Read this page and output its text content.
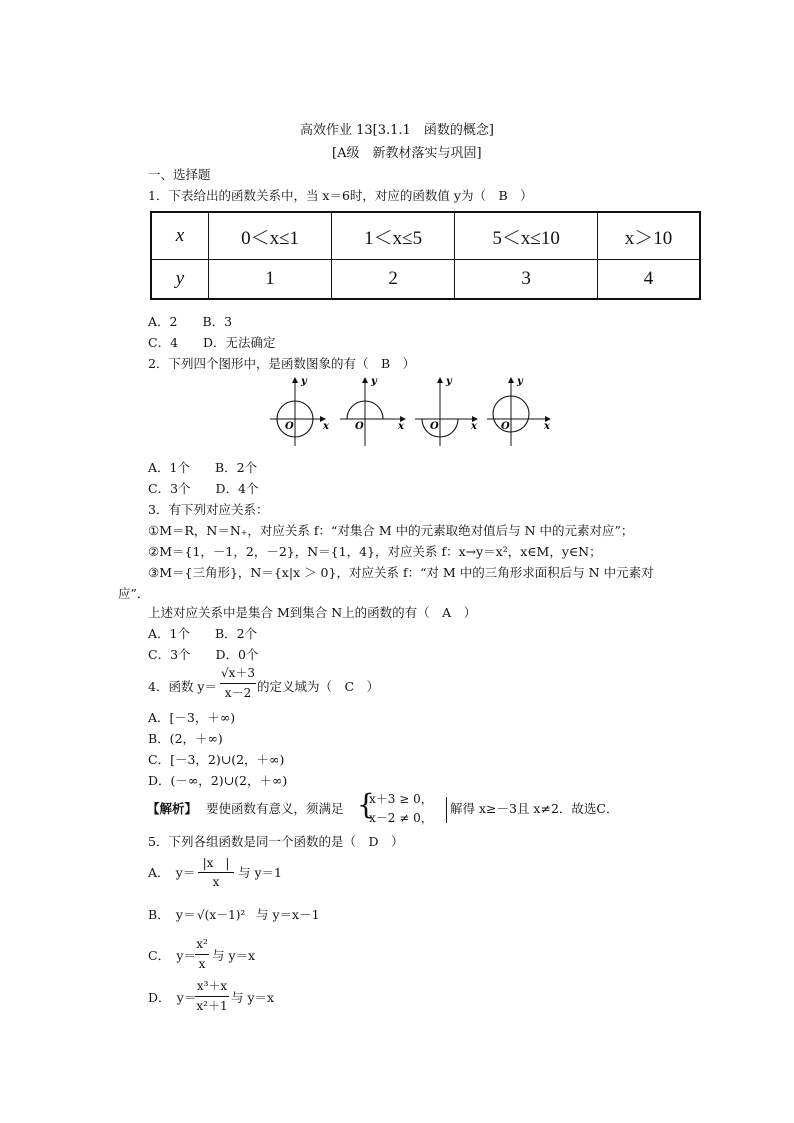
高效作业 13[3.1.1　函数的概念]
[A级　新教材落实与巩固]
一、选择题
1．下表给出的函数关系中，当 x＝6时，对应的函数值 y为（　B　）
x	0＜x≤1	1＜x≤5	5＜x≤10	x＞10
y	1	2	3	4
A．2　　B．3
C．4　　D．无法确定
2．下列四个图形中，是函数图象的有（　B　）
y
x
O
y
x
O
y
x
O
y
x
O
A．1个　　B．2个
C．3个　　D．4个
3．有下列对应关系：
①M＝R，N＝N₊，对应关系 f：“对集合 M 中的元素取绝对值后与 N 中的元素对应”；
②M＝{1，－1，2，－2}，N＝{1，4}，对应关系 f：x→y＝x²，x∈M，y∈N；
③M＝{三角形}，N＝{x|x ＞ 0}，对应关系 f：“对 M 中的三角形求面积后与 N 中元素对
应”．
上述对应关系中是集合 M到集合 N上的函数的有（　A　）
A．1个　　B．2个
C．3个　　D．0个
4．函数 y＝
√x＋3
x－2 的定义域为（　C　）
A．[－3，＋∞)
B．(2，＋∞)
C．[－3，2)∪(2，＋∞)
D．(－∞，2)∪(2，＋∞)
【解析】 要使函数有意义，须满足 {
x＋3 ≥ 0，
x－2 ≠ 0，
解得 x≥－3且 x≠2．故选C．
5．下列各组函数是同一个函数的是（　D　）
A．　y＝
|x　|
x
与 y＝1
B．　y＝ √(x－1)² 与 y＝x－1
C．　y＝
x²
x
与 y＝x
D．　y＝
x³＋x
x²＋1
与 y＝x
